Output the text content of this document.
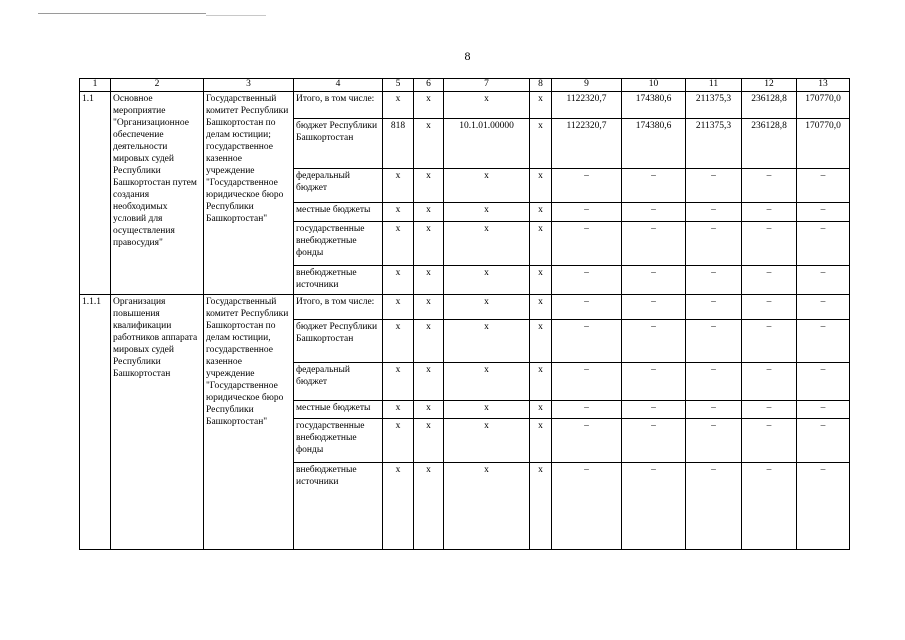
8
1	2	3	4	5	6	7	8	9	10	11	12	13
1.1	Основное мероприятие "Организационное обеспечение деятельности мировых судей Республики Башкортостан путем создания необходимых условий для осуществления правосудия"	Государственный комитет Республики Башкортостан по делам юстиции; государственное казенное учреждение "Государственное юридическое бюро Республики Башкортостан"	Итого, в том числе:	x	x	x	x	1122320,7	174380,6	211375,3	236128,8	170770,0
			бюджет Республики Башкортостан	818	x	10.1.01.00000	x	1122320,7	174380,6	211375,3	236128,8	170770,0
			федеральный бюджет	x	x	x	x	–	–	–	–	–
			местные бюджеты	x	x	x	x	–	–	–	–	–
			государственные внебюджетные фонды	x	x	x	x	–	–	–	–	–
			внебюджетные источники	x	x	x	x	–	–	–	–	–
1.1.1	Организация повышения квалификации работников аппарата мировых судей Республики Башкортостан	Государственный комитет Республики Башкортостан по делам юстиции, государственное казенное учреждение "Государственное юридическое бюро Республики Башкортостан"	Итого, в том числе:	x	x	x	x	–	–	–	–	–
			бюджет Республики Башкортостан	x	x	x	x	–	–	–	–	–
			федеральный бюджет	x	x	x	x	–	–	–	–	–
			местные бюджеты	x	x	x	x	–	–	–	–	–
			государственные внебюджетные фонды	x	x	x	x	–	–	–	–	–
			внебюджетные источники	x	x	x	x	–	–	–	–	–
